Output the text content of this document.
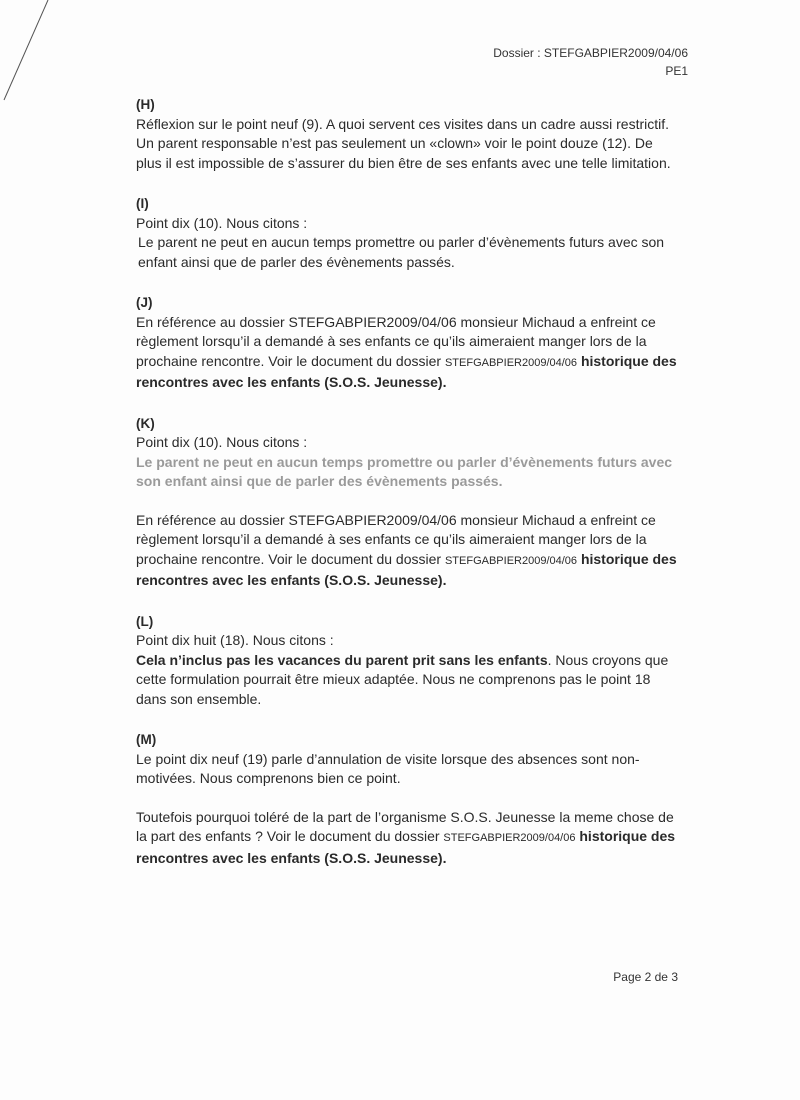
Dossier : STEFGABPIER2009/04/06
PE1

(H)

Réflexion sur le point neuf (9). A quoi servent ces visites dans un cadre aussi restrictif. Un parent responsable n’est pas seulement un «clown» voir le point douze (12). De plus il est impossible de s’assurer du bien être de ses enfants avec une telle limitation.

(I)

Point dix (10). Nous citons :

Le parent ne peut en aucun temps promettre ou parler d’évènements futurs avec son enfant ainsi que de parler des évènements passés.

(J)

En référence au dossier STEFGABPIER2009/04/06 monsieur Michaud a enfreint ce règlement lorsqu’il a demandé à ses enfants ce qu’ils aimeraient manger lors de la prochaine rencontre. Voir le document du dossier STEFGABPIER2009/04/06 historique des rencontres avec les enfants (S.O.S. Jeunesse).

(K)

Point dix (10). Nous citons :

Le parent ne peut en aucun temps promettre ou parler d’évènements futurs avec son enfant ainsi que de parler des évènements passés.

En référence au dossier STEFGABPIER2009/04/06 monsieur Michaud a enfreint ce règlement lorsqu’il a demandé à ses enfants ce qu’ils aimeraient manger lors de la prochaine rencontre. Voir le document du dossier STEFGABPIER2009/04/06 historique des rencontres avec les enfants (S.O.S. Jeunesse).

(L)

Point dix huit (18). Nous citons :

Cela n’inclus pas les vacances du parent prit sans les enfants. Nous croyons que cette formulation pourrait être mieux adaptée. Nous ne comprenons pas le point 18 dans son ensemble.

(M)

Le point dix neuf (19) parle d’annulation de visite lorsque des absences sont non-motivées. Nous comprenons bien ce point.

Toutefois pourquoi toléré de la part de l’organisme S.O.S. Jeunesse la meme chose de la part des enfants ? Voir le document du dossier STEFGABPIER2009/04/06 historique des rencontres avec les enfants (S.O.S. Jeunesse).

Page 2 de 3
